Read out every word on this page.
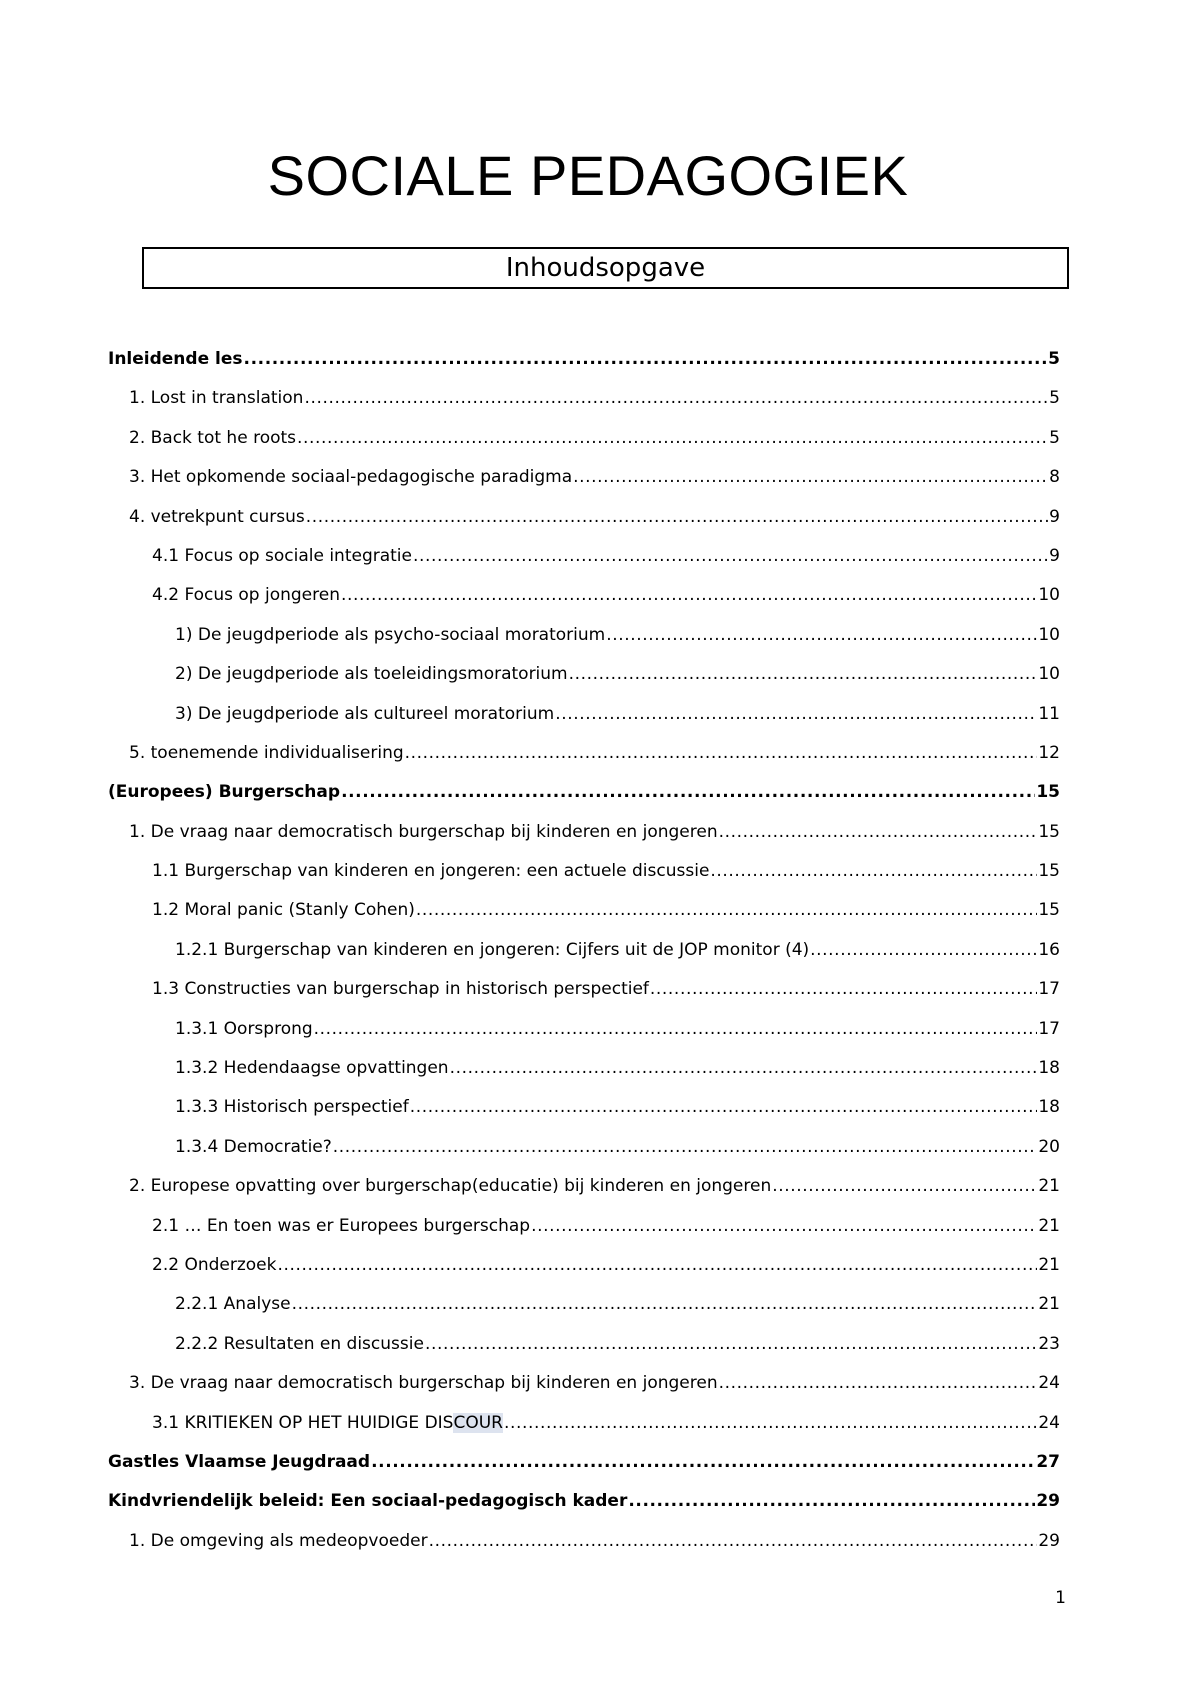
SOCIALE PEDAGOGIEK
Inhoudsopgave
Inleidende les .....	5
1. Lost in translation .....	5
2. Back tot he roots .....	5
3. Het opkomende sociaal-pedagogische paradigma .....	8
4. vetrekpunt cursus .....	9
4.1 Focus op sociale integratie .....	9
4.2 Focus op jongeren .....	10
1) De jeugdperiode als psycho-sociaal moratorium .....	10
2) De jeugdperiode als toeleidingsmoratorium .....	10
3) De jeugdperiode als cultureel moratorium .....	11
5. toenemende individualisering .....	12
(Europees) Burgerschap .....	15
1. De vraag naar democratisch burgerschap bij kinderen en jongeren .....	15
1.1 Burgerschap van kinderen en jongeren: een actuele discussie .....	15
1.2 Moral panic (Stanly Cohen) .....	15
1.2.1 Burgerschap van kinderen en jongeren: Cijfers uit de JOP monitor (4) .....	16
1.3 Constructies van burgerschap in historisch perspectief .....	17
1.3.1 Oorsprong .....	17
1.3.2 Hedendaagse opvattingen .....	18
1.3.3 Historisch perspectief .....	18
1.3.4 Democratie? .....	20
2. Europese opvatting over burgerschap(educatie) bij kinderen en jongeren .....	21
2.1 … En toen was er Europees burgerschap .....	21
2.2 Onderzoek .....	21
2.2.1 Analyse .....	21
2.2.2 Resultaten en discussie .....	23
3. De vraag naar democratisch burgerschap bij kinderen en jongeren .....	24
3.1 KRITIEKEN OP HET HUIDIGE DISCOUR .....	24
Gastles Vlaamse Jeugdraad .....	27
Kindvriendelijk beleid: Een sociaal-pedagogisch kader .....	29
1. De omgeving als medeopvoeder .....	29
1
